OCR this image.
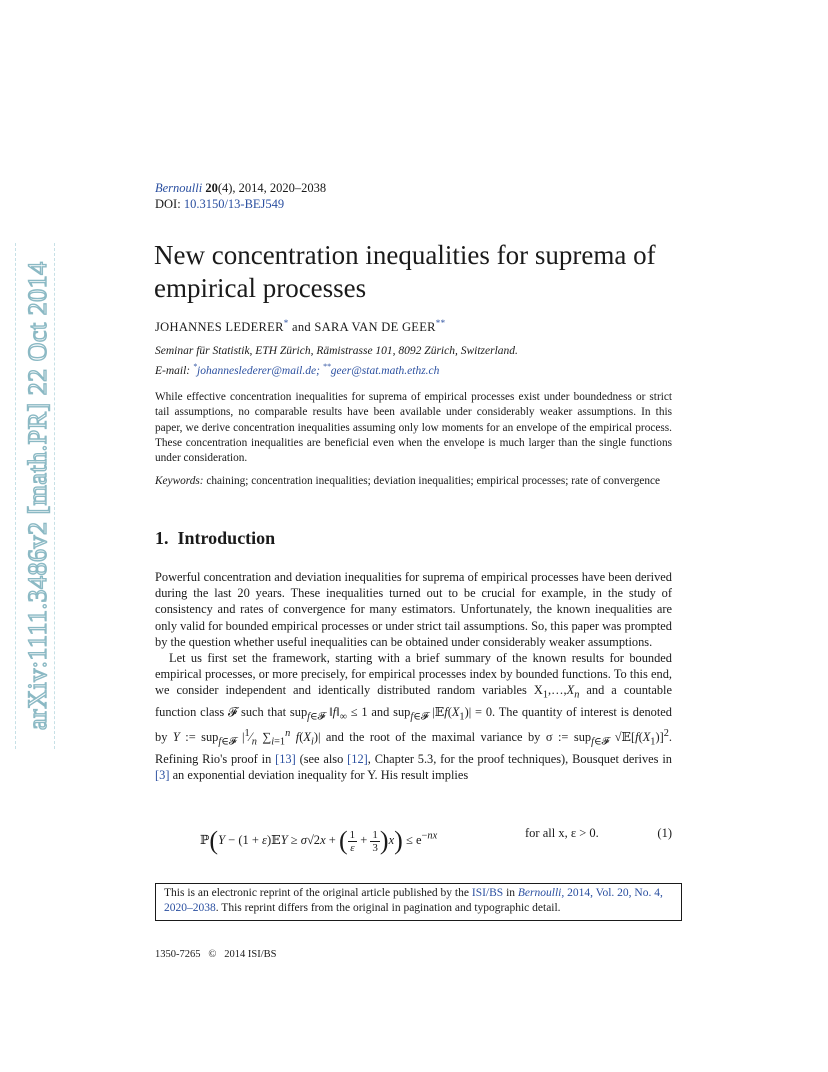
arXiv:1111.3486v2 [math.PR] 22 Oct 2014
Bernoulli 20(4), 2014, 2020–2038
DOI: 10.3150/13-BEJ549
New concentration inequalities for suprema of empirical processes
JOHANNES LEDERER* and SARA VAN DE GEER**
Seminar für Statistik, ETH Zürich, Rämistrasse 101, 8092 Zürich, Switzerland.
E-mail: *johanneslederer@mail.de; **geer@stat.math.ethz.ch

While effective concentration inequalities for suprema of empirical processes exist under boundedness or strict tail assumptions, no comparable results have been available under considerably weaker assumptions. In this paper, we derive concentration inequalities assuming only low moments for an envelope of the empirical process. These concentration inequalities are beneficial even when the envelope is much larger than the single functions under consideration.

Keywords: chaining; concentration inequalities; deviation inequalities; empirical processes; rate of convergence

1. Introduction

Powerful concentration and deviation inequalities for suprema of empirical processes have been derived during the last 20 years. These inequalities turned out to be crucial for example, in the study of consistency and rates of convergence for many estimators. Unfortunately, the known inequalities are only valid for bounded empirical processes or under strict tail assumptions. So, this paper was prompted by the question whether useful inequalities can be obtained under considerably weaker assumptions.

Let us first set the framework, starting with a brief summary of the known results for bounded empirical processes, or more precisely, for empirical processes index by bounded functions. To this end, we consider independent and identically distributed random variables $X_1,\dots,X_n$ and a countable function class 𝓕 such that sup$_{f\in 𝓕}$ $‖f‖_\infty \le 1$ and sup$_{f\in 𝓕}$ $|𝔼f(X_1)| = 0$. The quantity of interest is denoted by Y := sup$_{f\in 𝓕}$ $|^1⁄_n$ $\sum_{i=1}^n$ $f(X_i)|$ and the root of the maximal variance by σ := sup$_{f\in 𝓕}$ $√𝔼[f(X_1)]^2$. Refining Rio's proof in [13] (see also [12], Chapter 5.3, for the proof techniques), Bousquet derives in [3] an exponential deviation inequality for Y. His result implies

ℙ(Y − (1 + ε)𝔼Y ≥ σ√2x + ( $\frac{1}{\varepsilon} + \frac{1}{3} )x) \le e^{-nx}$	for all x, ε > 0.	(1)
This is an electronic reprint of the original article published by the ISI/BS in Bernoulli, 2014, Vol. 20, No. 4, 2020–2038. This reprint differs from the original in pagination and typographic detail.
1350-7265 © 2014 ISI/BS
